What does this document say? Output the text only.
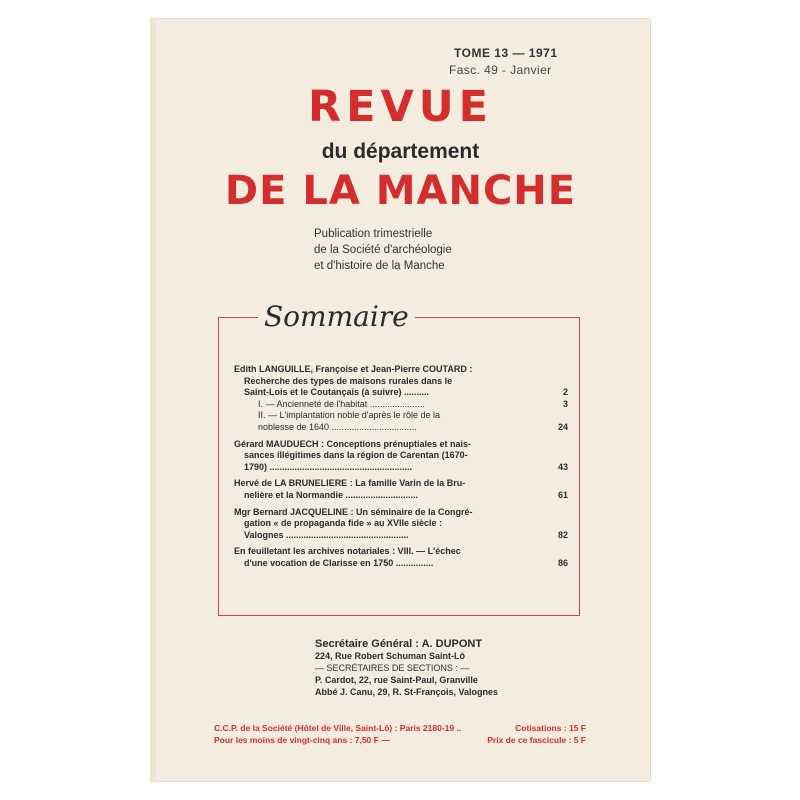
TOME 13 — 1971
Fasc. 49 - Janvier
REVUE
du département
DE LA MANCHE
Publication trimestrielle
de la Société d'archéologie
et d'histoire de la Manche
Sommaire
Edith LANGUILLE, Françoise et Jean-Pierre COUTARD :
Recherche des types de maisons rurales dans le
Saint-Lois et le Coutançais (à suivre) ..........	2
I. — Ancienneté de l'habitat ......................	3
II. — L'implantation noble d'après le rôle de la
noblesse de 1640 ..................................	24
Gérard MAUDUECH : Conceptions prénuptiales et nais-
sances illégitimes dans la région de Carentan (1670-
1790) .........................................................	43
Hervé de LA BRUNELIERE : La famille Varin de la Bru-
nelière et la Normandie .............................	61
Mgr Bernard JACQUELINE : Un séminaire de la Congré-
gation « de propaganda fide » au XVIIe siècle :
Valognes .................................................	82
En feuilletant les archives notariales : VIII. — L'échec
d'une vocation de Clarisse en 1750 ...............	86
Secrétaire Général : A. DUPONT
224, Rue Robert Schuman Saint-Lô
— SECRÉTAIRES DE SECTIONS : —
P. Cardot, 22, rue Saint-Paul, Granville
Abbé J. Canu, 29, R. St-François, Valognes
C.C.P. de la Société (Hôtel de Ville, Saint-Lô) : Paris 2180-19 ..	Cotisations : 15 F
Pour les moins de vingt-cinq ans : 7,50 F —	Prix de ce fascicule : 5 F
